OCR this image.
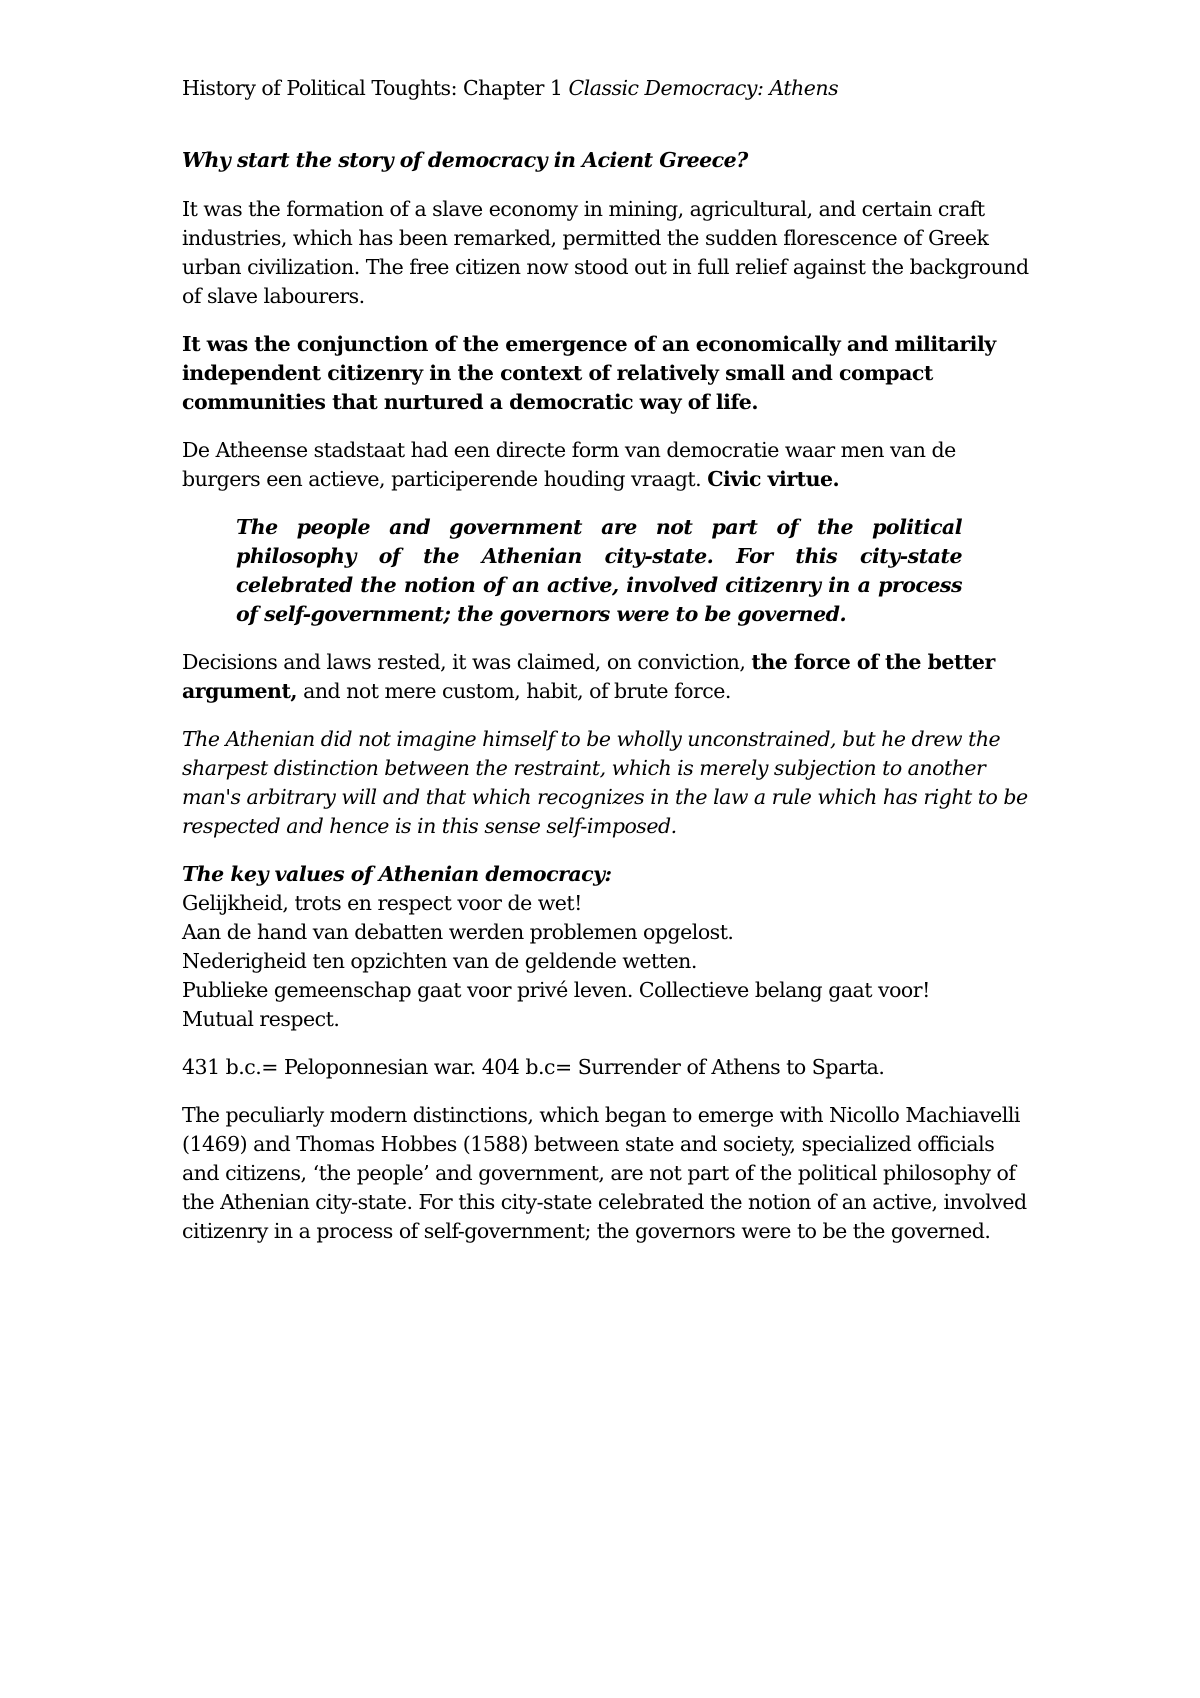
History of Political Toughts: Chapter 1 Classic Democracy: Athens

Why start the story of democracy in Acient Greece?

It was the formation of a slave economy in mining, agricultural, and certain craft industries, which has been remarked, permitted the sudden florescence of Greek urban civilization. The free citizen now stood out in full relief against the background of slave labourers.

It was the conjunction of the emergence of an economically and militarily independent citizenry in the context of relatively small and compact communities that nurtured a democratic way of life.

De Atheense stadstaat had een directe form van democratie waar men van de burgers een actieve, participerende houding vraagt. Civic virtue.

The people and government are not part of the political philosophy of the Athenian city-state. For this city-state celebrated the notion of an active, involved citizenry in a process of self-government; the governors were to be governed.

Decisions and laws rested, it was claimed, on conviction, the force of the better argument, and not mere custom, habit, of brute force.

The Athenian did not imagine himself to be wholly unconstrained, but he drew the sharpest distinction between the restraint, which is merely subjection to another man's arbitrary will and that which recognizes in the law a rule which has right to be respected and hence is in this sense self-imposed.

The key values of Athenian democracy:
Gelijkheid, trots en respect voor de wet!
Aan de hand van debatten werden problemen opgelost.
Nederigheid ten opzichten van de geldende wetten.
Publieke gemeenschap gaat voor privé leven. Collectieve belang gaat voor!
Mutual respect.

431 b.c.= Peloponnesian war. 404 b.c= Surrender of Athens to Sparta.

The peculiarly modern distinctions, which began to emerge with Nicollo Machiavelli (1469) and Thomas Hobbes (1588) between state and society, specialized officials and citizens, ‘the people’ and government, are not part of the political philosophy of the Athenian city-state. For this city-state celebrated the notion of an active, involved citizenry in a process of self-government; the governors were to be the governed.
